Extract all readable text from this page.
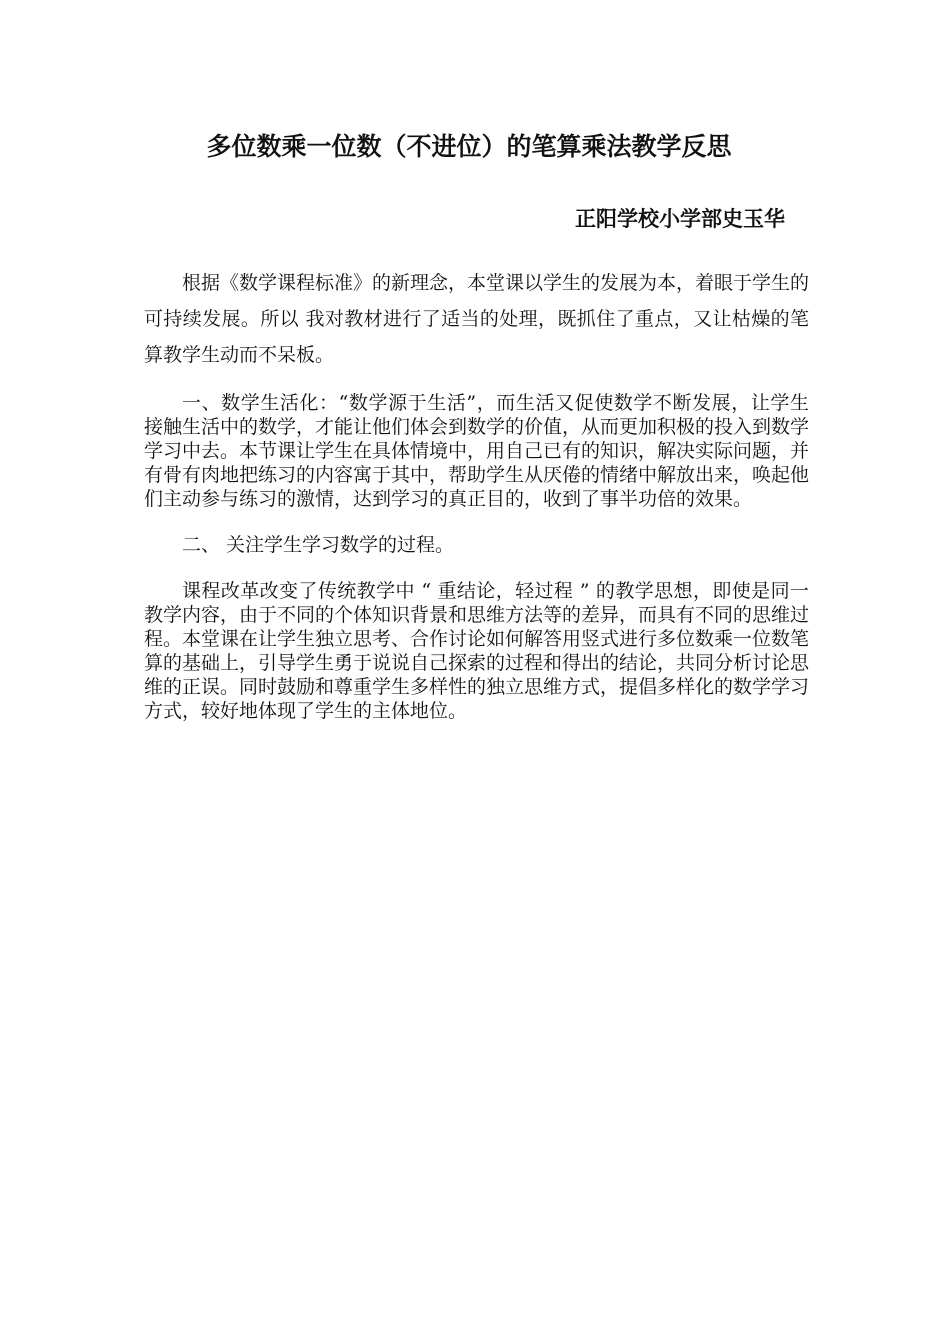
多位数乘一位数（不进位）的笔算乘法教学反思

正阳学校小学部史玉华

根据《数学课程标准》的新理念，本堂课以学生的发展为本，着眼于学生的可持续发展。所以 我对教材进行了适当的处理，既抓住了重点，又让枯燥的笔算教学生动而不呆板。

一、数学生活化：“数学源于生活”，而生活又促使数学不断发展，让学生接触生活中的数学，才能让他们体会到数学的价值，从而更加积极的投入到数学学习中去。本节课让学生在具体情境中，用自己已有的知识，解决实际问题，并有骨有肉地把练习的内容寓于其中，帮助学生从厌倦的情绪中解放出来，唤起他们主动参与练习的激情，达到学习的真正目的，收到了事半功倍的效果。

二、 关注学生学习数学的过程。

课程改革改变了传统教学中 “ 重结论，轻过程 ” 的教学思想，即使是同一教学内容，由于不同的个体知识背景和思维方法等的差异，而具有不同的思维过程。本堂课在让学生独立思考、合作讨论如何解答用竖式进行多位数乘一位数笔算的基础上，引导学生勇于说说自己探索的过程和得出的结论，共同分析讨论思维的正误。同时鼓励和尊重学生多样性的独立思维方式，提倡多样化的数学学习方式，较好地体现了学生的主体地位。
